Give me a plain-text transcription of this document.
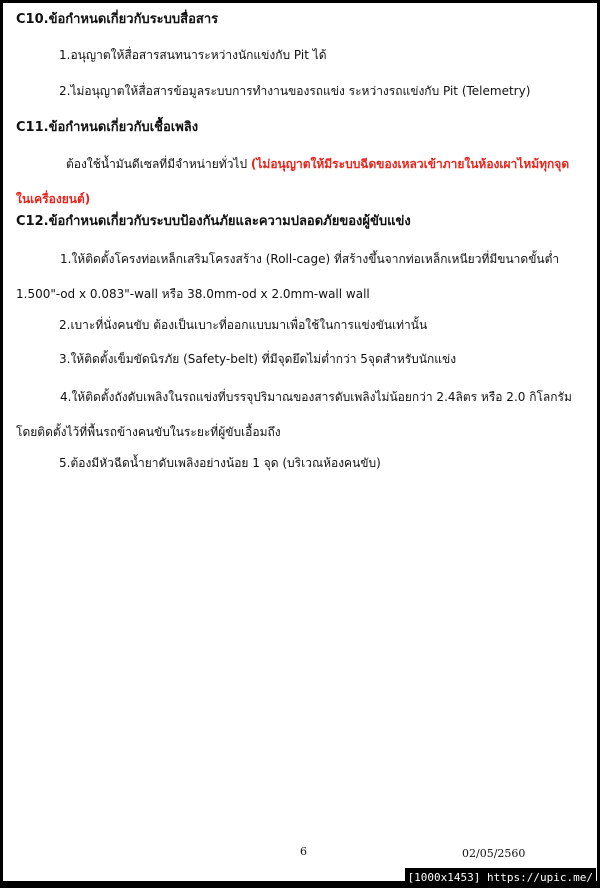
C10.ข้อกำหนดเกี่ยวกับระบบสื่อสาร
1.อนุญาตให้สื่อสารสนทนาระหว่างนักแข่งกับ Pit ได้
2.ไม่อนุญาตให้สื่อสารข้อมูลระบบการทำงานของรถแข่ง ระหว่างรถแข่งกับ Pit (Telemetry)
C11.ข้อกำหนดเกี่ยวกับเชื้อเพลิง
ต้องใช้น้ำมันดีเซลที่มีจำหน่ายทั่วไป (ไม่อนุญาตให้มีระบบฉีดของเหลวเข้าภายในห้องเผาไหม้ทุกจุดในเครื่องยนต์)
C12.ข้อกำหนดเกี่ยวกับระบบป้องกันภัยและความปลอดภัยของผู้ขับแข่ง
1.ให้ติดตั้งโครงท่อเหล็กเสริมโครงสร้าง (Roll-cage) ที่สร้างขึ้นจากท่อเหล็กเหนียวที่มีขนาดขั้นต่ำ 1.500"-od x 0.083"-wall หรือ 38.0mm-od x 2.0mm-wall wall
2.เบาะที่นั่งคนขับ ต้องเป็นเบาะที่ออกแบบมาเพื่อใช้ในการแข่งขันเท่านั้น
3.ให้ติดตั้งเข็มขัดนิรภัย (Safety-belt) ที่มีจุดยึดไม่ต่ำกว่า 5จุดสำหรับนักแข่ง
4.ให้ติดตั้งถังดับเพลิงในรถแข่งที่บรรจุปริมาณของสารดับเพลิงไม่น้อยกว่า 2.4ลิตร หรือ 2.0 กิโลกรัม โดยติดตั้งไว้ที่พื้นรถข้างคนขับในระยะที่ผู้ขับเอื้อมถึง
5.ต้องมีหัวฉีดน้ำยาดับเพลิงอย่างน้อย 1 จุด (บริเวณห้องคนขับ)
6	02/05/2560
[1000x1453] https://upic.me/
